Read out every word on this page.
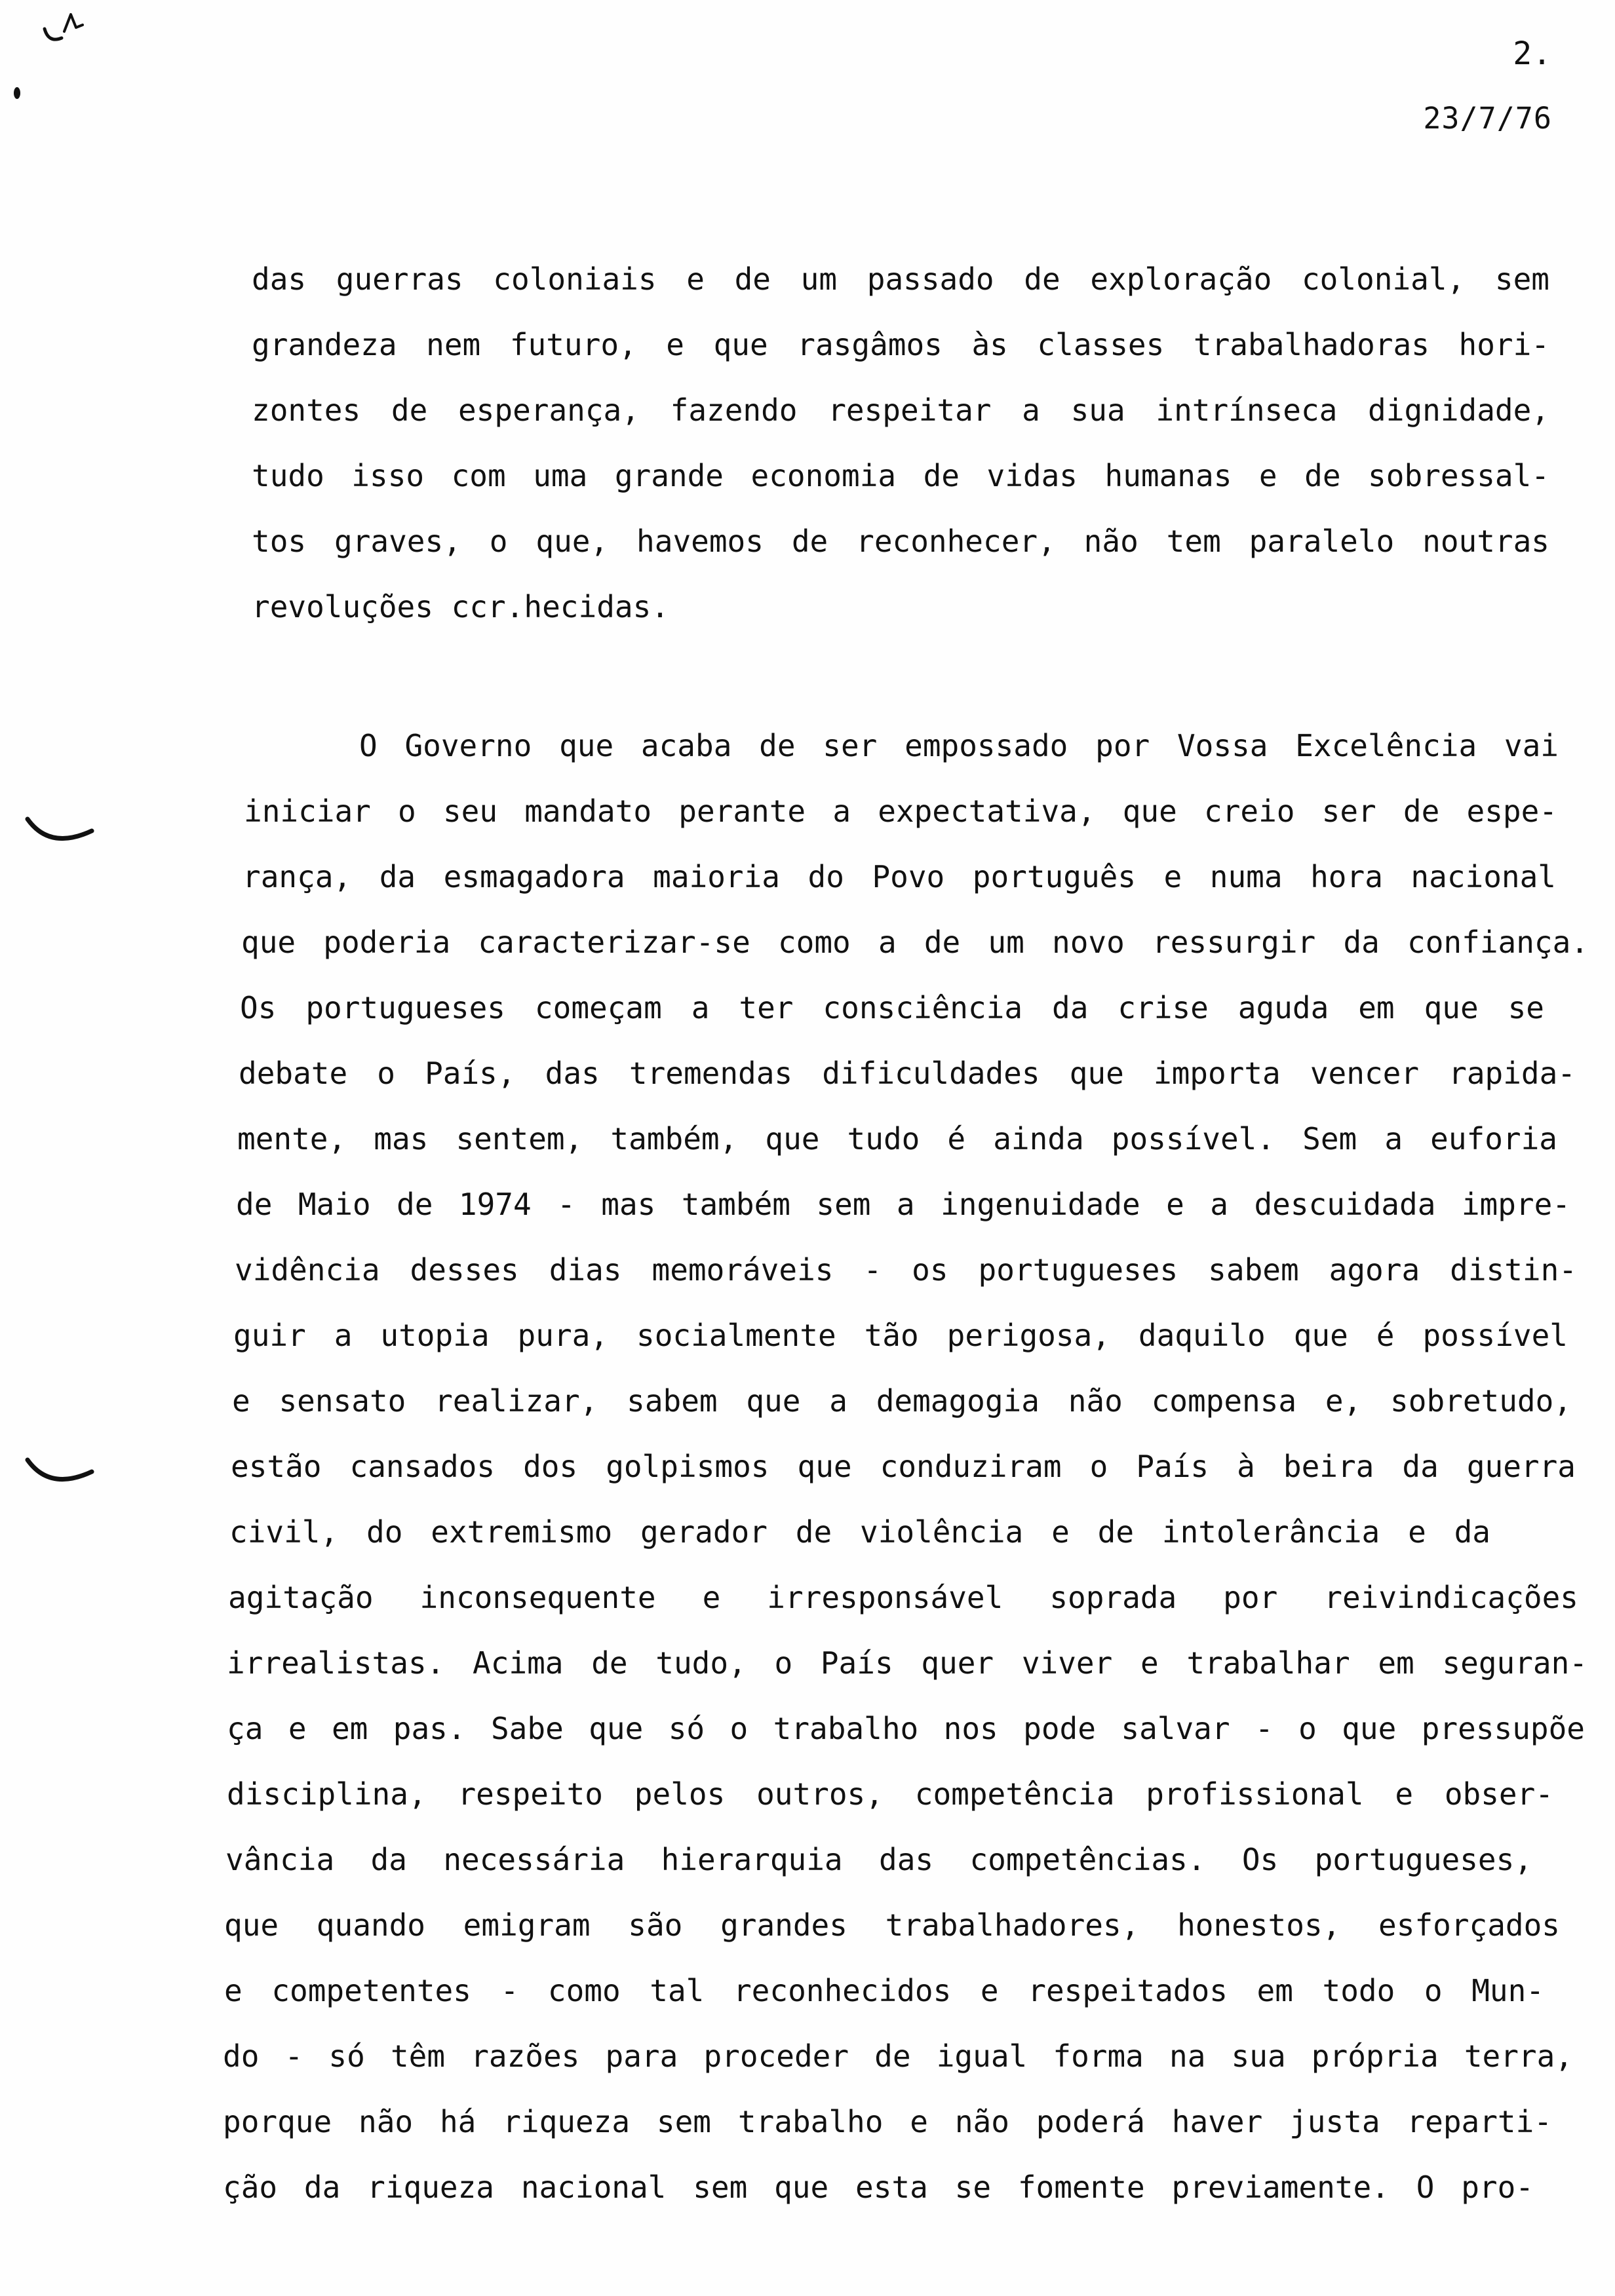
2.

23/7/76

das guerras coloniais e de um passado de exploração colonial, sem

grandeza nem futuro, e que rasgâmos às classes trabalhadoras hori-

zontes de esperança, fazendo respeitar a sua intrínseca dignidade,

tudo isso com uma grande economia de vidas humanas e de sobressal-

tos graves, o que, havemos de reconhecer, não tem paralelo noutras

revoluções ccr.hecidas.

O Governo que acaba de ser empossado por Vossa Excelência vai

iniciar o seu mandato perante a expectativa, que creio ser de espe-

rança, da esmagadora maioria do Povo português e numa hora nacional

que poderia caracterizar-se como a de um novo ressurgir da confiança.

Os portugueses começam a ter consciência da crise aguda em que se

debate o País, das tremendas dificuldades que importa vencer rapida-

mente, mas sentem, também, que tudo é ainda possível. Sem a euforia

de Maio de 1974 - mas também sem a ingenuidade e a descuidada impre-

vidência desses dias memoráveis - os portugueses sabem agora distin-

guir a utopia pura, socialmente tão perigosa, daquilo que é possível

e sensato realizar, sabem que a demagogia não compensa e, sobretudo,

estão cansados dos golpismos que conduziram o País à beira da guerra

civil, do extremismo gerador de violência e de intolerância e da

agitação inconsequente e irresponsável soprada por reivindicações

irrealistas. Acima de tudo, o País quer viver e trabalhar em seguran-

ça e em pas. Sabe que só o trabalho nos pode salvar - o que pressupõe

disciplina, respeito pelos outros, competência profissional e obser-

vância da necessária hierarquia das competências. Os portugueses,

que quando emigram são grandes trabalhadores, honestos, esforçados

e competentes - como tal reconhecidos e respeitados em todo o Mun-

do - só têm razões para proceder de igual forma na sua própria terra,

porque não há riqueza sem trabalho e não poderá haver justa reparti-

ção da riqueza nacional sem que esta se fomente previamente. O pro-
